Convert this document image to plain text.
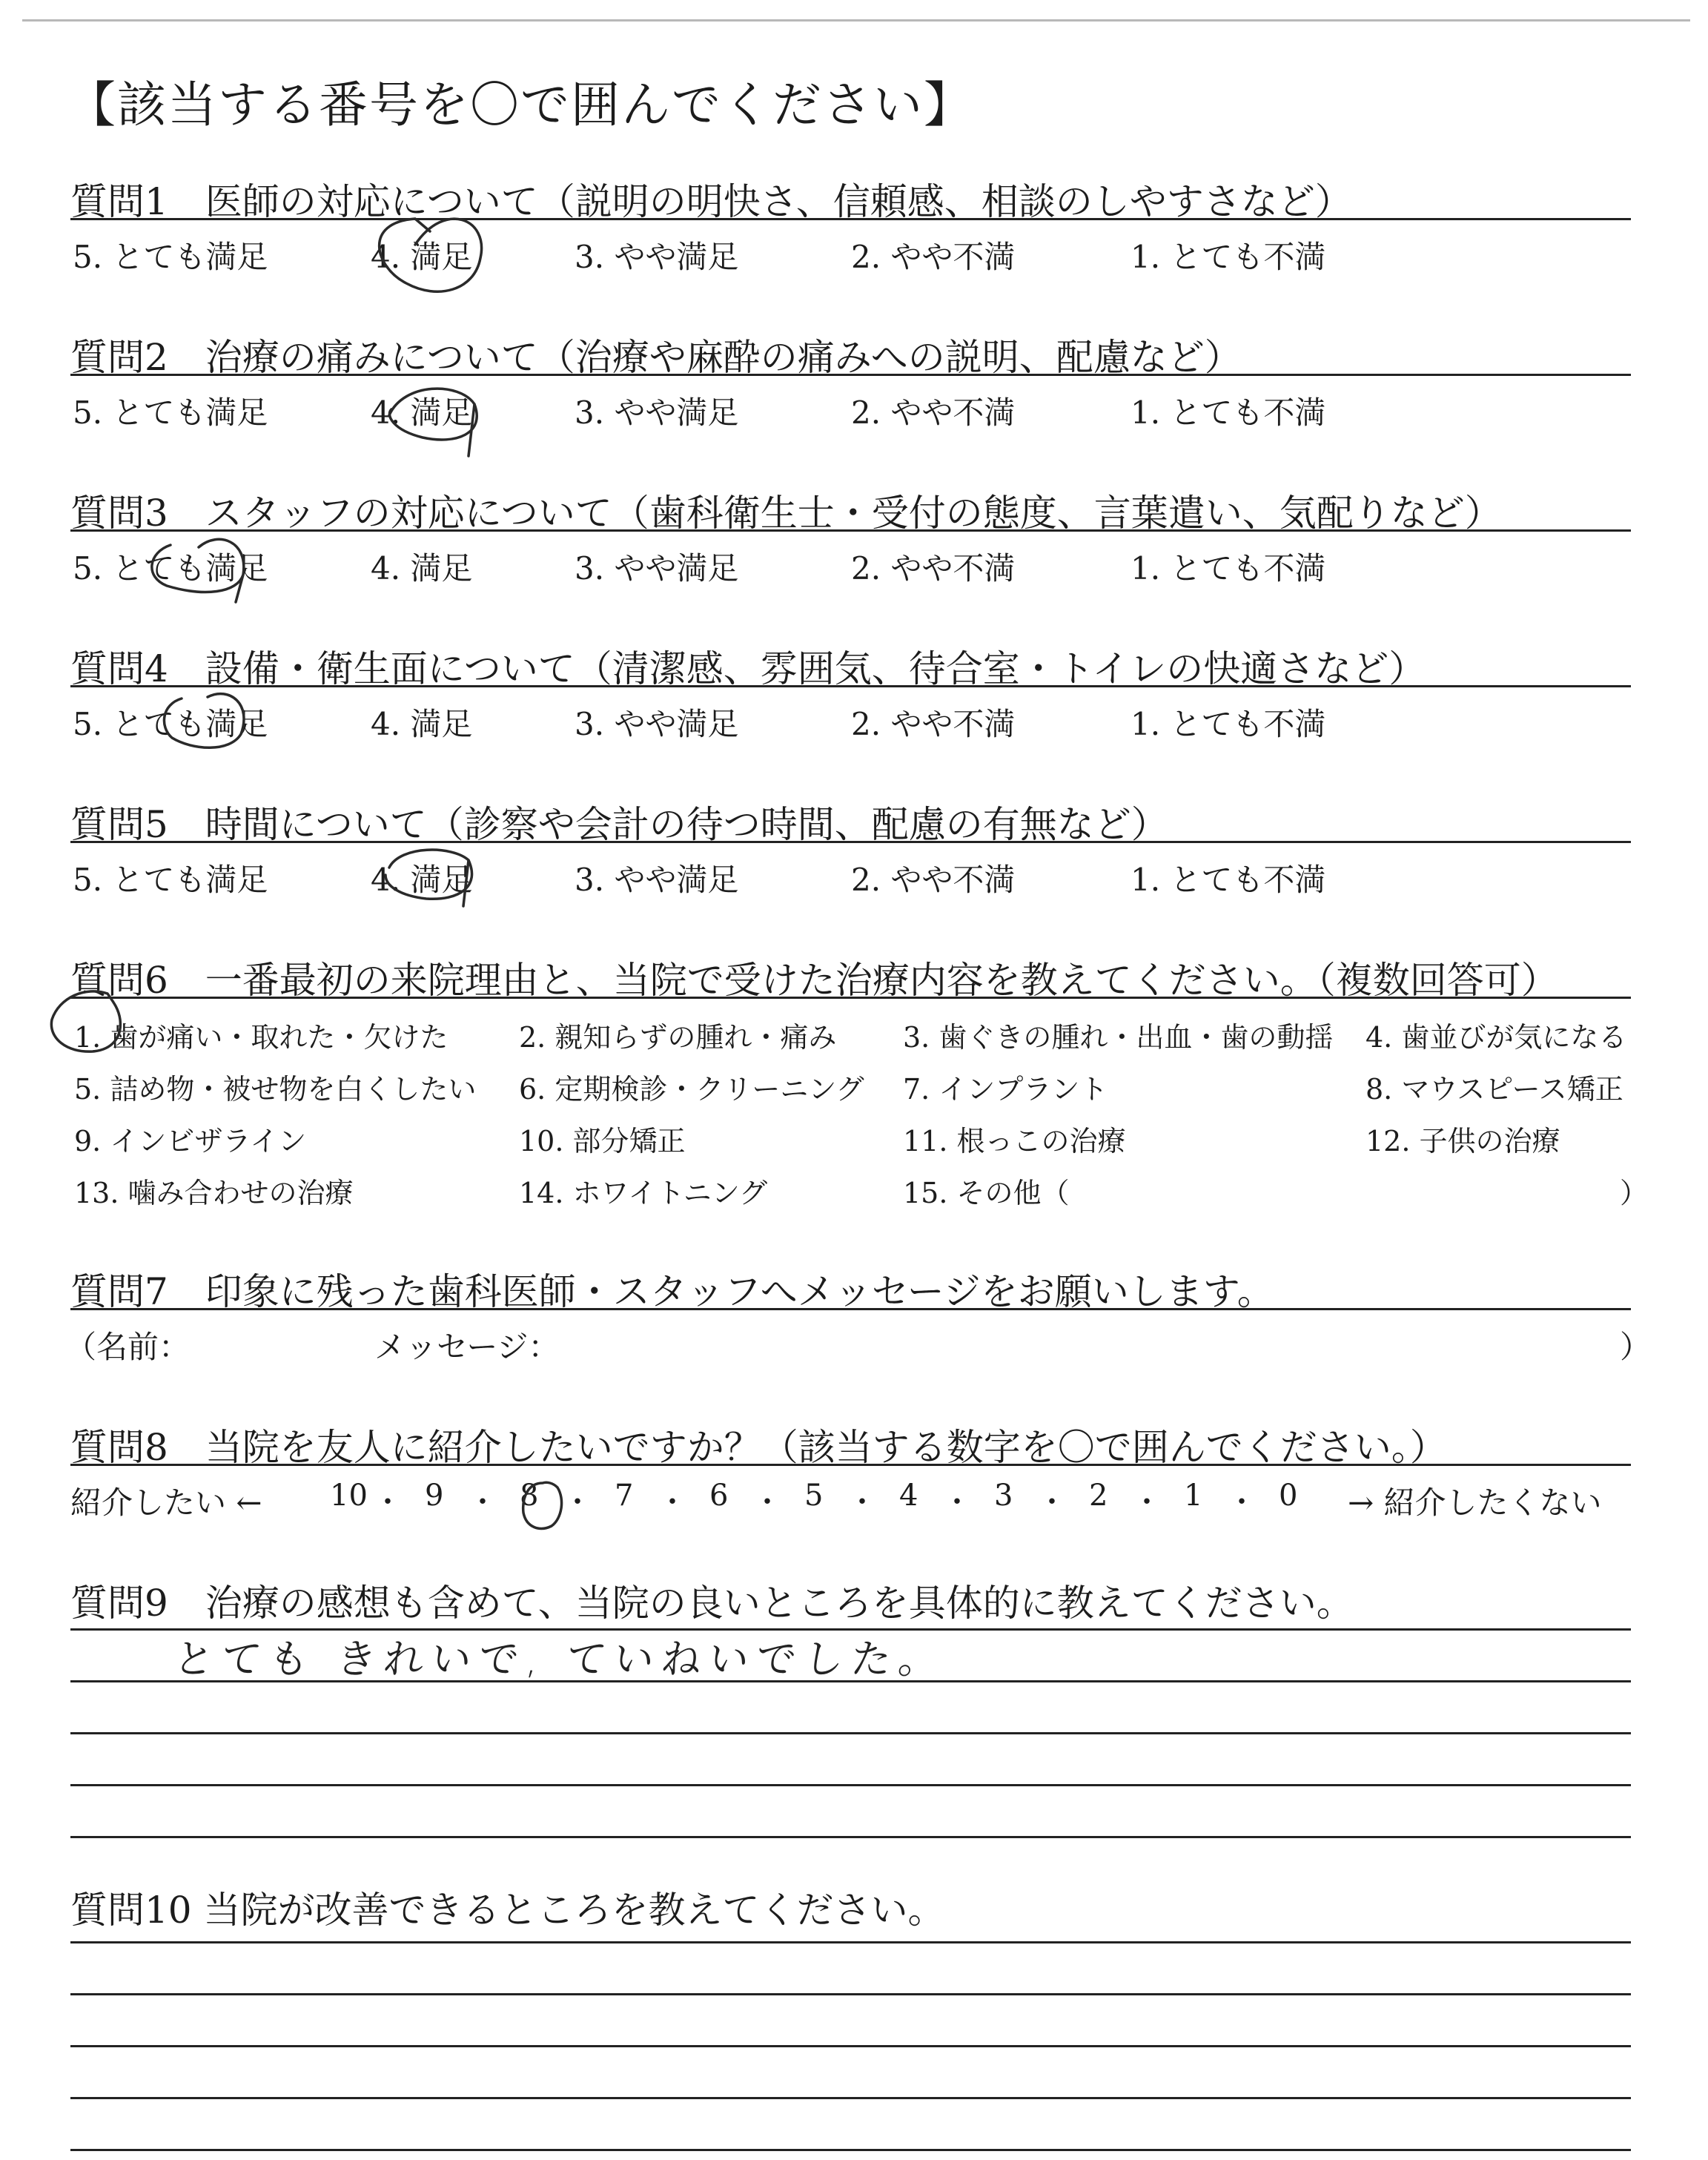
【該当する番号を〇で囲んでください】
質問1　医師の対応について（説明の明快さ、信頼感、相談のしやすさなど）
5. とても満足	4. 満足	3. やや満足	2. やや不満	1. とても不満
質問2　治療の痛みについて（治療や麻酔の痛みへの説明、配慮など）
5. とても満足	4. 満足	3. やや満足	2. やや不満	1. とても不満
質問3　スタッフの対応について（歯科衛生士・受付の態度、言葉遣い、気配りなど）
5. とても満足	4. 満足	3. やや満足	2. やや不満	1. とても不満
質問4　設備・衛生面について（清潔感、雰囲気、待合室・トイレの快適さなど）
5. とても満足	4. 満足	3. やや満足	2. やや不満	1. とても不満
質問5　時間について（診察や会計の待つ時間、配慮の有無など）
5. とても満足	4. 満足	3. やや満足	2. やや不満	1. とても不満
質問6　一番最初の来院理由と、当院で受けた治療内容を教えてください。（複数回答可）
1. 歯が痛い・取れた・欠けた	2. 親知らずの腫れ・痛み 3. 歯ぐきの腫れ・出血・歯の動揺 4. 歯並びが気になる
5. 詰め物・被せ物を白くしたい 6. 定期検診・クリーニング 7. インプラント	8. マウスピース矯正
9. インビザライン	10. 部分矯正	11. 根っこの治療	12. 子供の治療
13. 噛み合わせの治療	14. ホワイトニング	15. その他（	）
質問7　印象に残った歯科医師・スタッフへメッセージをお願いします。
（名前：	メッセージ：	）
質問8　当院を友人に紹介したいですか？（該当する数字を〇で囲んでください。）
紹介したい ←	→ 紹介したくない
10 ・ 9 ・ 8 ・ 7 ・ 6 ・ 5 ・ 4 ・ 3 ・ 2 ・ 1 ・ 0
質問9　治療の感想も含めて、当院の良いところを具体的に教えてください。
とても きれいで, ていねいでした。
質問10 当院が改善できるところを教えてください。
